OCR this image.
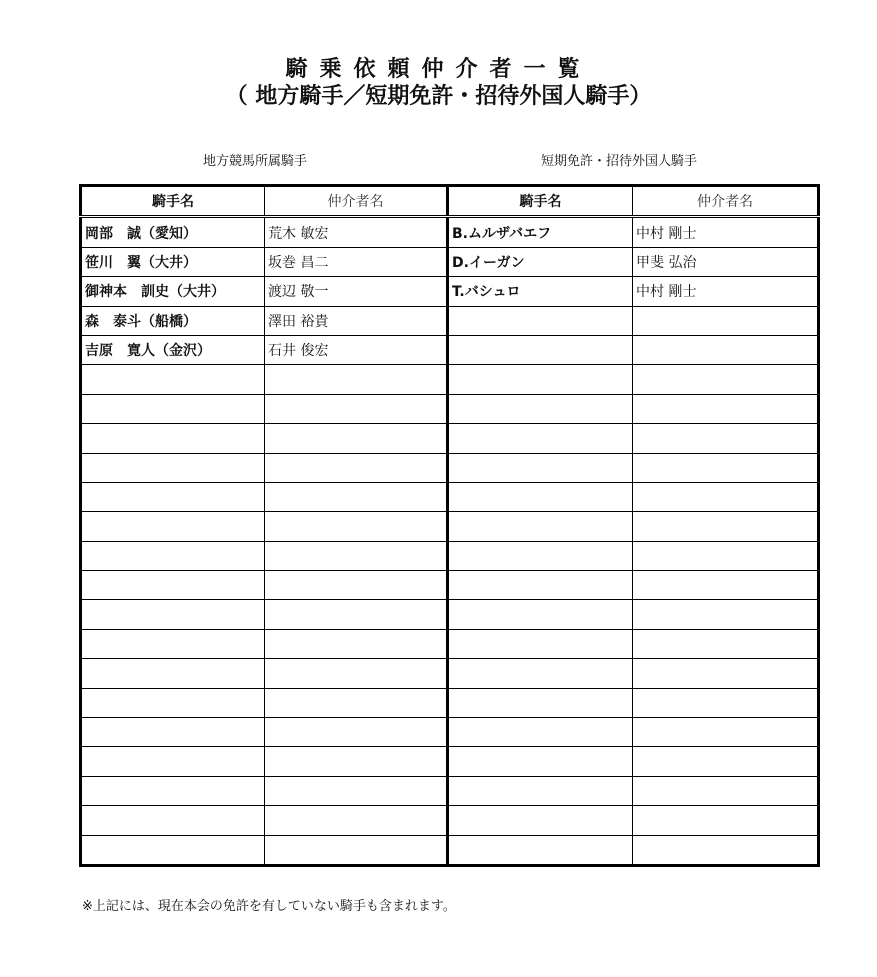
騎乗依頼仲介者一覧
（ 地方騎手／短期免許・招待外国人騎手）
地方競馬所属騎手	短期免許・招待外国人騎手
騎手名	仲介者名	騎手名	仲介者名
岡部　誠（愛知）	荒木 敏宏	B.ムルザバエフ	中村 剛士
笹川　翼（大井）	坂巻 昌二	D.イーガン	甲斐 弘治
御神本　訓史（大井）	渡辺 敬一	T.バシュロ	中村 剛士
森　泰斗（船橋）	澤田 裕貴		
吉原　寛人（金沢）	石井 俊宏		

※上記には、現在本会の免許を有していない騎手も含まれます。
